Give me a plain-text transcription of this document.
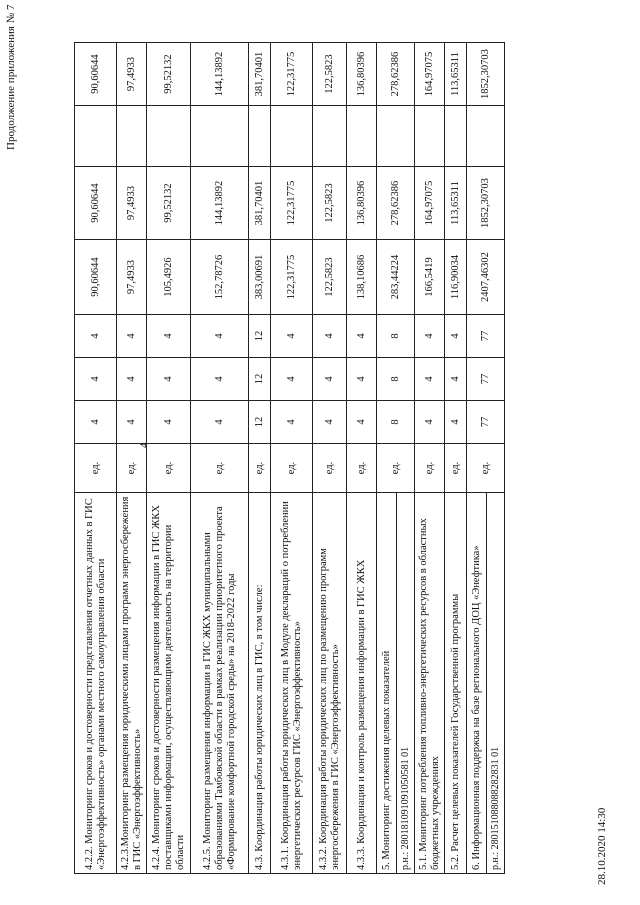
Продолжение приложения № 7
4
4.2.2. Мониторинг сроков и достоверности представления отчетных данных в ГИС «Энергоэффективность» органами местного самоуправления области	ед.	4	4	4	90,60644	90,60644		90,60644
4.2.3.Мониторинг размещения юридическими лицами программ энергосбережения в ГИС «Энергоэффективность»	ед.	4	4	4	97,4933	97,4933		97,4933
4.2.4. Мониторинг сроков и достоверности размещения информации в ГИС ЖКХ поставщиками информации, осуществляющими деятельность на территории области	ед.	4	4	4	105,4926	99,52132		99,52132
4.2.5. Мониторинг размещения информации в ГИС ЖКХ муниципальными образованиями Тамбовской области в рамках реализации приоритетного проекта «Формирование комфортной городской среды» на 2018-2022 годы	ед.	4	4	4	152,78726	144,13892		144,13892
4.3. Координация работы юридических лиц в ГИС, в том числе:	ед.	12	12	12	383,00691	381,70401		381,70401
4.3.1. Координация работы юридических лиц в Модуле деклараций о потреблении энергетических ресурсов ГИС «Энергоэффективность»	ед.	4	4	4	122,31775	122,31775		122,31775
4.3.2. Координация работы юридических лиц по размещению программ энергосбережения в ГИС «Энергоэффективность»	ед.	4	4	4	122,5823	122,5823		122,5823
4.3.3. Координация и контроль размещения информации в ГИС ЖКХ	ед.	4	4	4	138,10686	136,80396		136,80396
5. Мониторинг достижения целевых показателей	ед.	8	8	8	283,44224	278,62386		278,62386
р.н.: 280181091091050581 01								
5.1. Мониторинг потребления топливно-энергетических ресурсов в областных бюджетных учреждениях	ед.	4	4	4	166,5419	164,97075		164,97075
5.2. Расчет целевых показателей Государственной программы	ед.	4	4	4	116,90034	113,65311		113,65311
6. Информационная поддержка на базе регионального ДОЦ «Энефтика»	ед.	77	77	77	2407,46302	1852,30703		1852,30703
р.н.: 280151088088282831 01									28.10.2020 14:30
